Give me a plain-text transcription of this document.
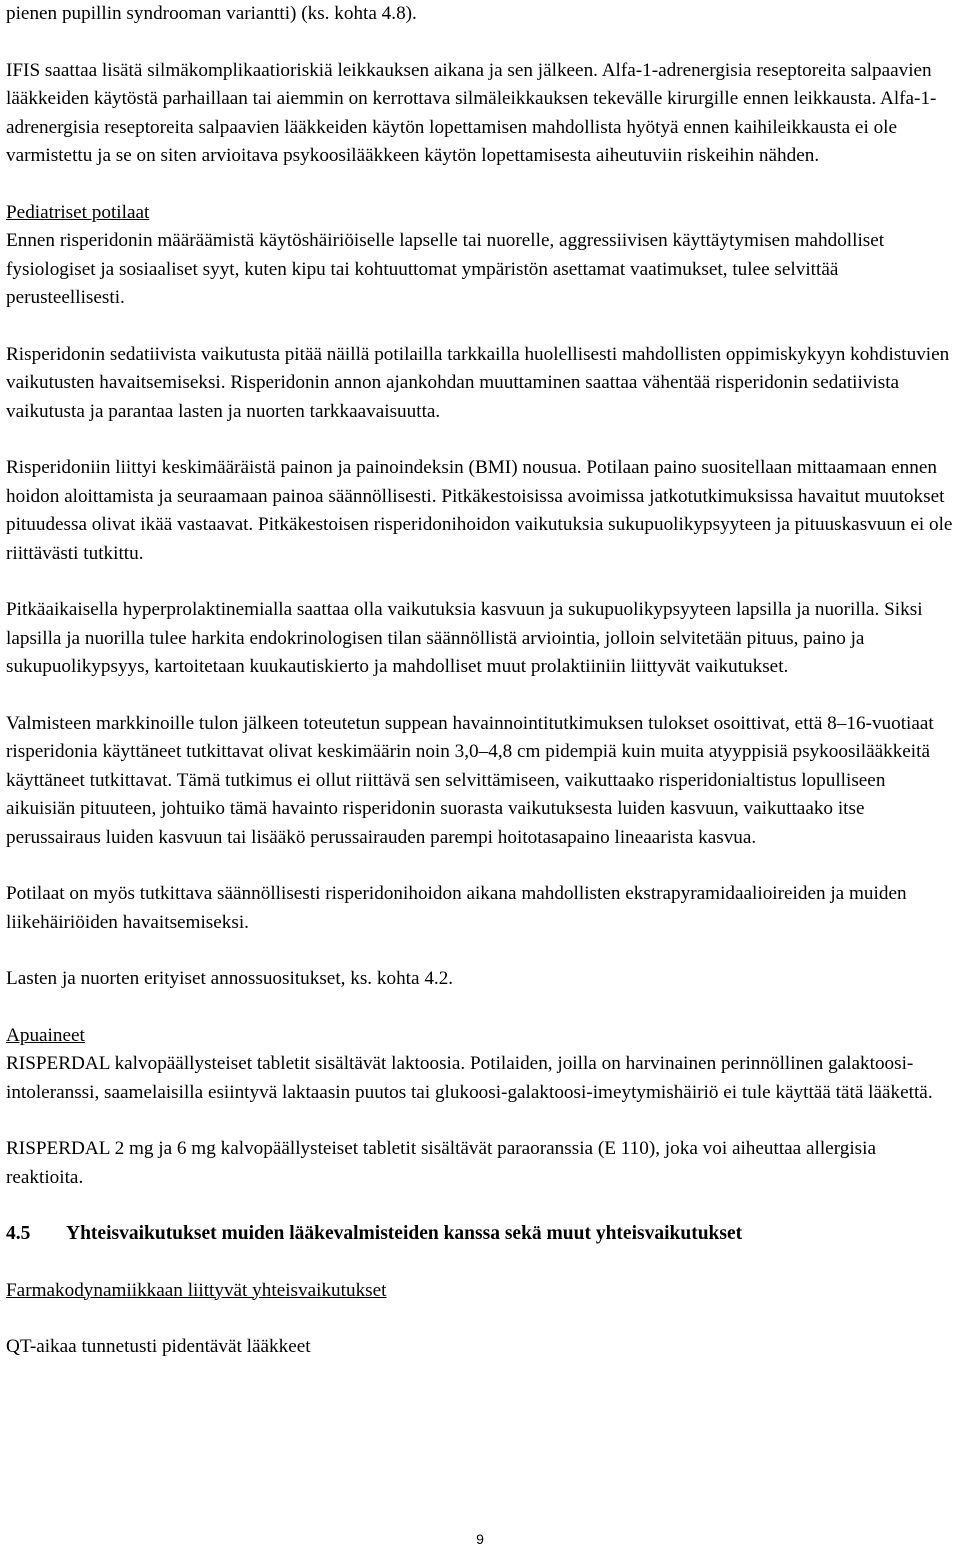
pienen pupillin syndrooman variantti) (ks. kohta 4.8).

IFIS saattaa lisätä silmäkomplikaatioriskiä leikkauksen aikana ja sen jälkeen. Alfa-1-adrenergisia reseptoreita salpaavien lääkkeiden käytöstä parhaillaan tai aiemmin on kerrottava silmäleikkauksen tekevälle kirurgille ennen leikkausta. Alfa-1-adrenergisia reseptoreita salpaavien lääkkeiden käytön lopettamisen mahdollista hyötyä ennen kaihileikkausta ei ole varmistettu ja se on siten arvioitava psykoosilääkkeen käytön lopettamisesta aiheutuviin riskeihin nähden.

Pediatriset potilaat

Ennen risperidonin määräämistä käytöshäiriöiselle lapselle tai nuorelle, aggressiivisen käyttäytymisen mahdolliset fysiologiset ja sosiaaliset syyt, kuten kipu tai kohtuuttomat ympäristön asettamat vaatimukset, tulee selvittää perusteellisesti.

Risperidonin sedatiivista vaikutusta pitää näillä potilailla tarkkailla huolellisesti mahdollisten oppimiskykyyn kohdistuvien vaikutusten havaitsemiseksi. Risperidonin annon ajankohdan muuttaminen saattaa vähentää risperidonin sedatiivista vaikutusta ja parantaa lasten ja nuorten tarkkaavaisuutta.

Risperidoniin liittyi keskimääräistä painon ja painoindeksin (BMI) nousua. Potilaan paino suositellaan mittaamaan ennen hoidon aloittamista ja seuraamaan painoa säännöllisesti. Pitkäkestoisissa avoimissa jatkotutkimuksissa havaitut muutokset pituudessa olivat ikää vastaavat. Pitkäkestoisen risperidonihoidon vaikutuksia sukupuolikypsyyteen ja pituuskasvuun ei ole riittävästi tutkittu.

Pitkäaikaisella hyperprolaktinemialla saattaa olla vaikutuksia kasvuun ja sukupuolikypsyyteen lapsilla ja nuorilla. Siksi lapsilla ja nuorilla tulee harkita endokrinologisen tilan säännöllistä arviointia, jolloin selvitetään pituus, paino ja sukupuolikypsyys, kartoitetaan kuukautiskierto ja mahdolliset muut prolaktiiniin liittyvät vaikutukset.

Valmisteen markkinoille tulon jälkeen toteutetun suppean havainnointitutkimuksen tulokset osoittivat, että 8–16-vuotiaat risperidonia käyttäneet tutkittavat olivat keskimäärin noin 3,0–4,8 cm pidempiä kuin muita atyyppisiä psykoosilääkkeitä käyttäneet tutkittavat. Tämä tutkimus ei ollut riittävä sen selvittämiseen, vaikuttaako risperidonialtistus lopulliseen aikuisiän pituuteen, johtuiko tämä havainto risperidonin suorasta vaikutuksesta luiden kasvuun, vaikuttaako itse perussairaus luiden kasvuun tai lisääkö perussairauden parempi hoitotasapaino lineaarista kasvua.

Potilaat on myös tutkittava säännöllisesti risperidonihoidon aikana mahdollisten ekstrapyramidaalioireiden ja muiden liikehäiriöiden havaitsemiseksi.

Lasten ja nuorten erityiset annossuositukset, ks. kohta 4.2.

Apuaineet

RISPERDAL kalvopäällysteiset tabletit sisältävät laktoosia. Potilaiden, joilla on harvinainen perinnöllinen galaktoosi-intoleranssi, saamelaisilla esiintyvä laktaasin puutos tai glukoosi-galaktoosi-imeytymishäiriö ei tule käyttää tätä lääkettä.

RISPERDAL 2 mg ja 6 mg kalvopäällysteiset tabletit sisältävät paraoranssia (E 110), joka voi aiheuttaa allergisia reaktioita.

4.5	Yhteisvaikutukset muiden lääkevalmisteiden kanssa sekä muut yhteisvaikutukset

Farmakodynamiikkaan liittyvät yhteisvaikutukset

QT-aikaa tunnetusti pidentävät lääkkeet

9
